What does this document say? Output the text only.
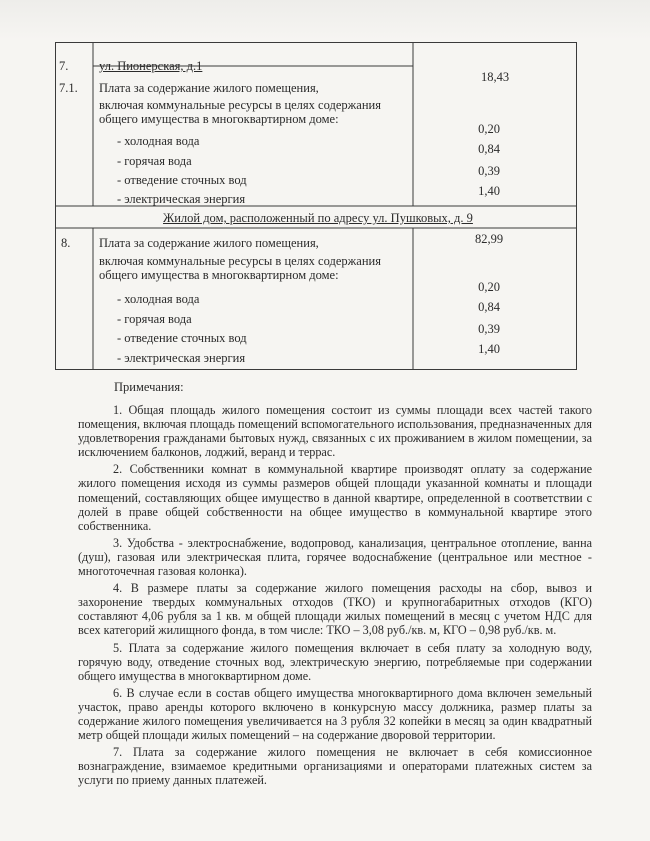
7. ул. Пионерская, д.1
7.1. Плата за содержание жилого помещения,
включая коммунальные ресурсы в целях содержания
общего имущества в многоквартирном доме:
18,43
- холодная вода
0,20
- горячая вода
0,84
- отведение сточных вод
0,39
- электрическая энергия
1,40
Жилой дом, расположенный по адресу ул. Пушковых, д. 9
8. Плата за содержание жилого помещения,
включая коммунальные ресурсы в целях содержания
общего имущества в многоквартирном доме:
82,99
- холодная вода
0,20
- горячая вода
0,84
- отведение сточных вод
0,39
- электрическая энергия
1,40
Примечания:

1. Общая площадь жилого помещения состоит из суммы площади всех частей такого помещения, включая площадь помещений вспомогательного использования, предназначенных для удовлетворения гражданами бытовых нужд, связанных с их проживанием в жилом помещении, за исключением балконов, лоджий, веранд и террас.

2. Собственники комнат в коммунальной квартире производят оплату за содержание жилого помещения исходя из суммы размеров общей площади указанной комнаты и площади помещений, составляющих общее имущество в данной квартире, определенной в соответствии с долей в праве общей собственности на общее имущество в коммунальной квартире этого собственника.

3. Удобства - электроснабжение, водопровод, канализация, центральное отопление, ванна (душ), газовая или электрическая плита, горячее водоснабжение (центральное или местное - многоточечная газовая колонка).

4. В размере платы за содержание жилого помещения расходы на сбор, вывоз и захоронение твердых коммунальных отходов (ТКО) и крупногабаритных отходов (КГО) составляют 4,06 рубля за 1 кв. м общей площади жилых помещений в месяц с учетом НДС для всех категорий жилищного фонда, в том числе: ТКО – 3,08 руб./кв. м, КГО – 0,98 руб./кв. м.

5. Плата за содержание жилого помещения включает в себя плату за холодную воду, горячую воду, отведение сточных вод, электрическую энергию, потребляемые при содержании общего имущества в многоквартирном доме.

6. В случае если в состав общего имущества многоквартирного дома включен земельный участок, право аренды которого включено в конкурсную массу должника, размер платы за содержание жилого помещения увеличивается на 3 рубля 32 копейки в месяц за один квадратный метр общей площади жилых помещений – на содержание дворовой территории.

7. Плата за содержание жилого помещения не включает в себя комиссионное вознаграждение, взимаемое кредитными организациями и операторами платежных систем за услуги по приему данных платежей.
